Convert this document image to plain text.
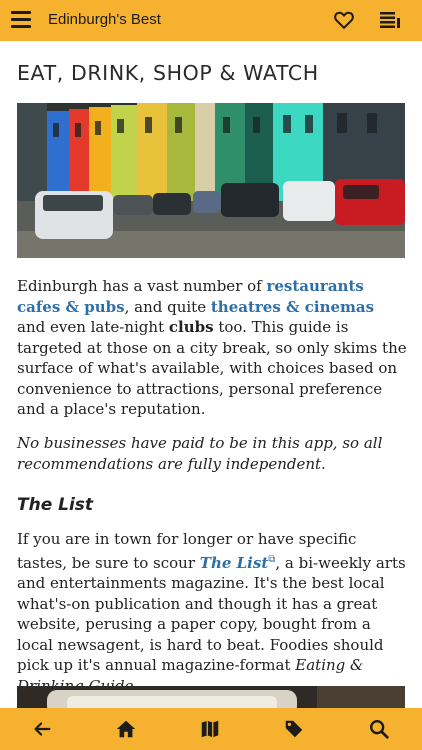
Edinburgh's Best
EAT, DRINK, SHOP & WATCH

Edinburgh has a vast number of restaurants cafes & pubs, and quite theatres & cinemas and even late-night clubs too. This guide is targeted at those on a city break, so only skims the surface of what's available, with choices based on convenience to attractions, personal preference and a place's reputation.

No businesses have paid to be in this app, so all recommendations are fully independent.

The List

If you are in town for longer or have specific tastes, be sure to scour The List⧉, a bi-weekly arts and entertainments magazine. It's the best local what's-on publication and though it has a great website, perusing a paper copy, bought from a local newsagent, is hard to beat. Foodies should pick up it's annual magazine-format Eating &
